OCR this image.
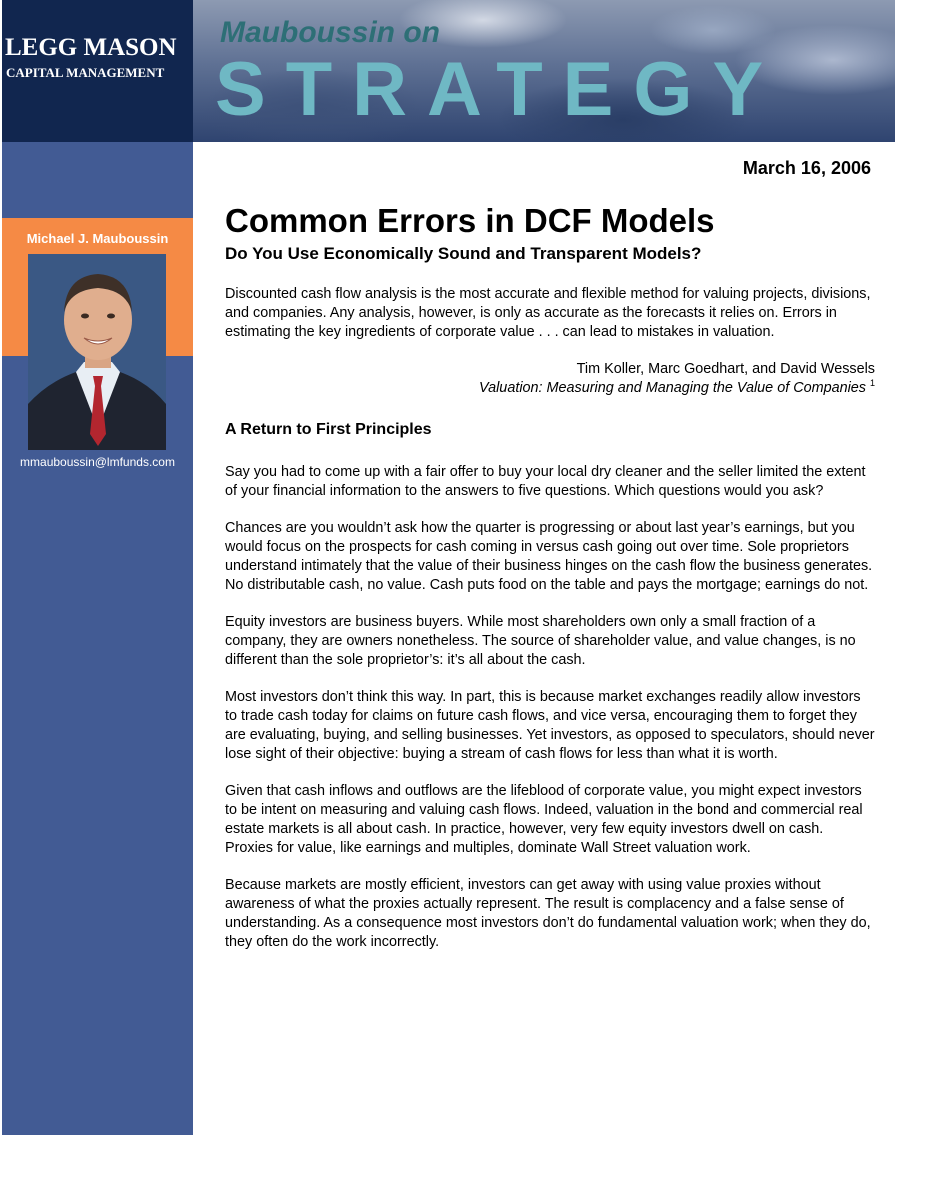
LEGG MASON
CAPITAL MANAGEMENT
Mauboussin on
STRATEGY
Michael J. Mauboussin
mmauboussin@lmfunds.com
March 16, 2006
Common Errors in DCF Models
Do You Use Economically Sound and Transparent Models?

Discounted cash flow analysis is the most accurate and flexible method for valuing projects, divisions, and companies. Any analysis, however, is only as accurate as the forecasts it relies on. Errors in estimating the key ingredients of corporate value . . . can lead to mistakes in valuation.

Tim Koller, Marc Goedhart, and David Wessels
Valuation: Measuring and Managing the Value of Companies $^1$
A Return to First Principles

Say you had to come up with a fair offer to buy your local dry cleaner and the seller limited the extent of your financial information to the answers to five questions. Which questions would you ask?

Chances are you wouldn’t ask how the quarter is progressing or about last year’s earnings, but you would focus on the prospects for cash coming in versus cash going out over time. Sole proprietors understand intimately that the value of their business hinges on the cash flow the business generates. No distributable cash, no value. Cash puts food on the table and pays the mortgage; earnings do not.

Equity investors are business buyers. While most shareholders own only a small fraction of a company, they are owners nonetheless. The source of shareholder value, and value changes, is no different than the sole proprietor’s: it’s all about the cash.

Most investors don’t think this way. In part, this is because market exchanges readily allow investors to trade cash today for claims on future cash flows, and vice versa, encouraging them to forget they are evaluating, buying, and selling businesses. Yet investors, as opposed to speculators, should never lose sight of their objective: buying a stream of cash flows for less than what it is worth.

Given that cash inflows and outflows are the lifeblood of corporate value, you might expect investors to be intent on measuring and valuing cash flows. Indeed, valuation in the bond and commercial real estate markets is all about cash. In practice, however, very few equity investors dwell on cash. Proxies for value, like earnings and multiples, dominate Wall Street valuation work.

Because markets are mostly efficient, investors can get away with using value proxies without awareness of what the proxies actually represent. The result is complacency and a false sense of understanding. As a consequence most investors don’t do fundamental valuation work; when they do, they often do the work incorrectly.
